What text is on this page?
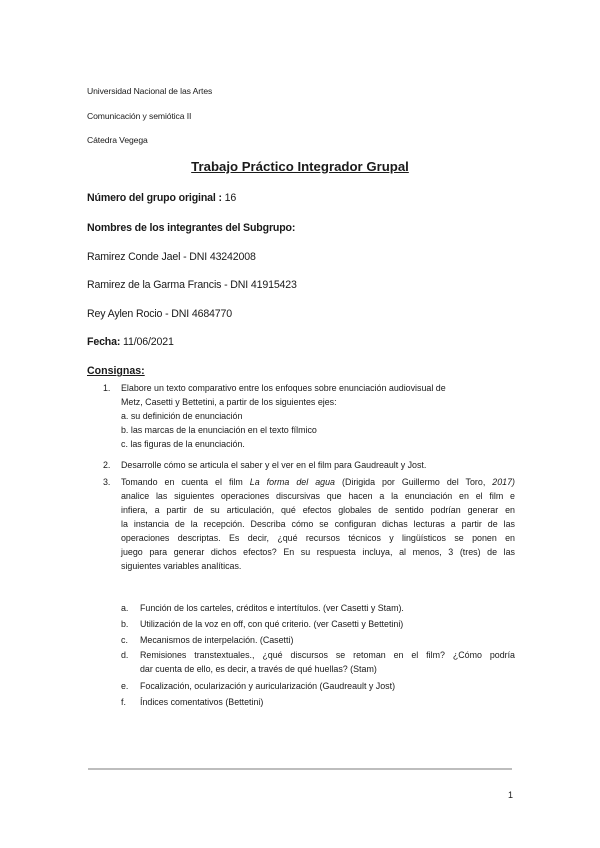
Universidad Nacional de las Artes
Comunicación y semiótica II
Cátedra Vegega
Trabajo Práctico Integrador Grupal
Número del grupo original : 16
Nombres de los integrantes del Subgrupo:
Ramirez Conde Jael - DNI 43242008
Ramirez de la Garma Francis - DNI 41915423
Rey Aylen Rocio - DNI 4684770
Fecha: 11/06/2021
Consignas:
1. Elabore un texto comparativo entre los enfoques sobre enunciación audiovisual de
Metz, Casetti y Bettetini, a partir de los siguientes ejes:
a. su definición de enunciación
b. las marcas de la enunciación en el texto fílmico
c. las figuras de la enunciación.
2. Desarrolle cómo se articula el saber y el ver en el film para Gaudreault y Jost.
3. Tomando en cuenta el film La forma del agua (Dirigida por Guillermo del Toro, 2017)
analice las siguientes operaciones discursivas que hacen a la enunciación en el film e
infiera, a partir de su articulación, qué efectos globales de sentido podrían generar en
la instancia de la recepción. Describa cómo se configuran dichas lecturas a partir de las
operaciones descriptas. Es decir, ¿qué recursos técnicos y lingüísticos se ponen en
juego para generar dichos efectos? En su respuesta incluya, al menos, 3 (tres) de las
siguientes variables analíticas.
a. Función de los carteles, créditos e intertítulos. (ver Casetti y Stam).
b. Utilización de la voz en off, con qué criterio. (ver Casetti y Bettetini)
c. Mecanismos de interpelación. (Casetti)
d. Remisiones transtextuales., ¿qué discursos se retoman en el film? ¿Cómo podría
dar cuenta de ello, es decir, a través de qué huellas? (Stam)
e. Focalización, ocularización y auricularización (Gaudreault y Jost)
f. Índices comentativos (Bettetini)
1
